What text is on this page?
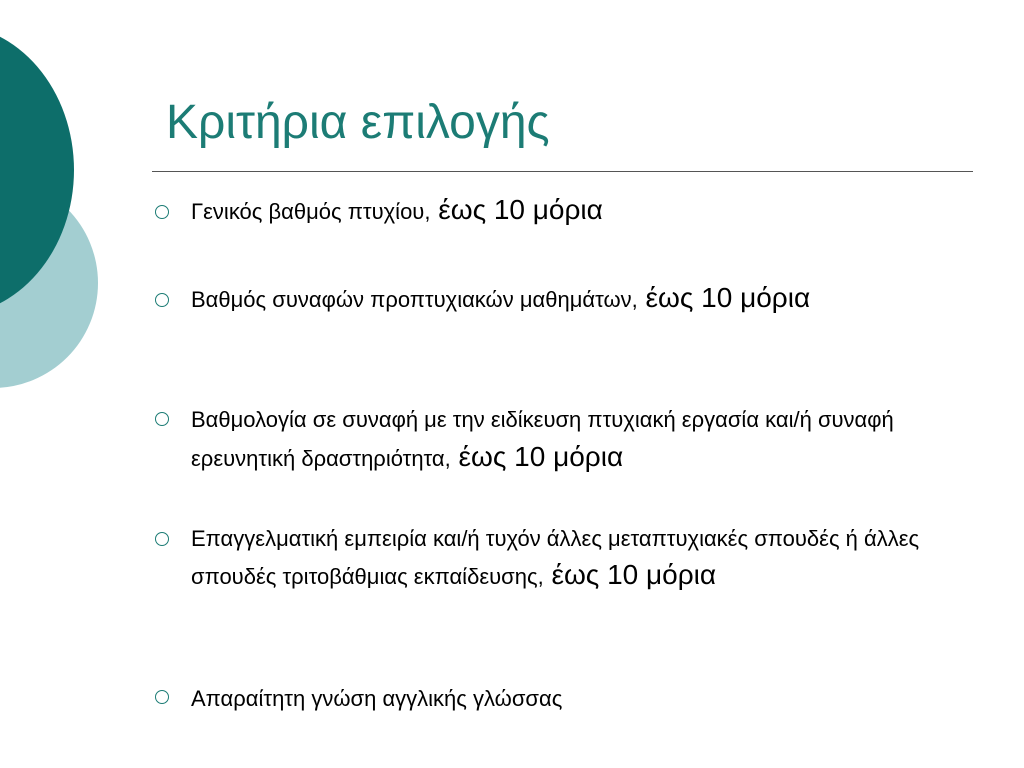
Κριτήρια επιλογής
Γενικός βαθμός πτυχίου, έως 10 μόρια
Βαθμός συναφών προπτυχιακών μαθημάτων, έως 10 μόρια
Βαθμολογία σε συναφή με την ειδίκευση πτυχιακή εργασία και/ή συναφή ερευνητική δραστηριότητα, έως 10 μόρια
Επαγγελματική εμπειρία και/ή τυχόν άλλες μεταπτυχιακές σπουδές ή άλλες σπουδές τριτοβάθμιας εκπαίδευσης, έως 10 μόρια
Απαραίτητη γνώση αγγλικής γλώσσας
